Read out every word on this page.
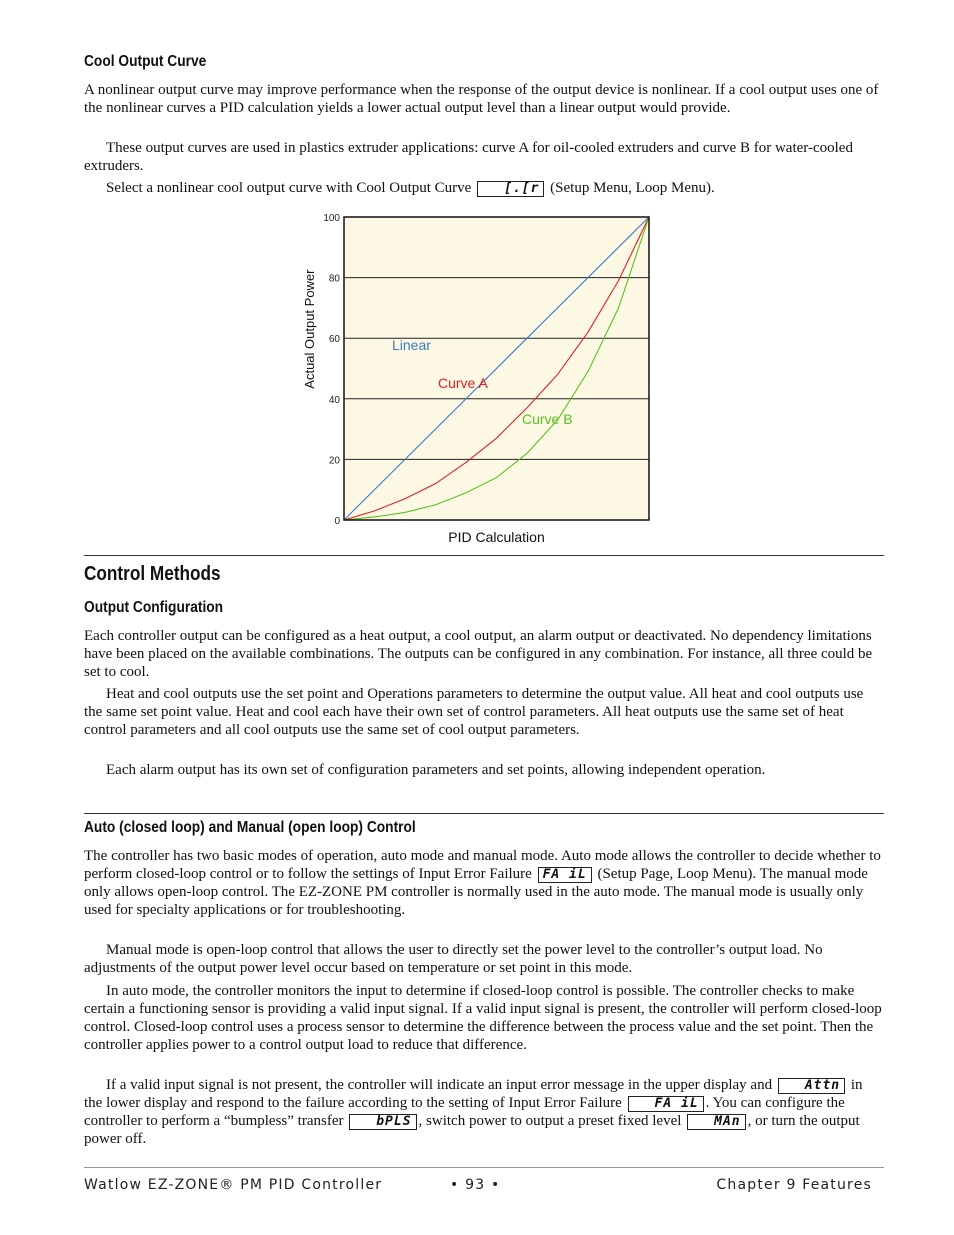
Cool Output Curve

A nonlinear output curve may improve performance when the response of the output device is nonlinear. If a cool output uses one of the nonlinear curves a PID calculation yields a lower actual output level than a linear output would provide.

These output curves are used in plastics extruder applications: curve A for oil-cooled extruders and curve B for water-cooled extruders.

Select a nonlinear cool output curve with Cool Output Curve	[.[r (Setup Menu, Loop Menu).

0
20
40
60
80
100
Linear
Curve A
Curve B
PID Calculation
Actual Output Power
Control Methods
Output Configuration

Each controller output can be configured as a heat output, a cool output, an alarm output or deactivated. No dependency limitations have been placed on the available combinations. The outputs can be configured in any combination. For instance, all three could be set to cool.

Heat and cool outputs use the set point and Operations parameters to determine the output value. All heat and cool outputs use the same set point value. Heat and cool each have their own set of control parameters. All heat outputs use the same set of heat control parameters and all cool outputs use the same set of cool output parameters.

Each alarm output has its own set of configuration parameters and set points, allowing independent operation.

Auto (closed loop) and Manual (open loop) Control

The controller has two basic modes of operation, auto mode and manual mode. Auto mode allows the controller to decide whether to perform closed-loop control or to follow the settings of Input Error Failure FA iL (Setup Page, Loop Menu). The manual mode only allows open-loop control. The EZ-ZONE PM controller is normally used in the auto mode. The manual mode is usually only used for specialty applications or for troubleshooting.

Manual mode is open-loop control that allows the user to directly set the power level to the controller’s output load. No adjustments of the output power level occur based on temperature or set point in this mode.

In auto mode, the controller monitors the input to determine if closed-loop control is possible. The controller checks to make certain a functioning sensor is providing a valid input signal. If a valid input signal is present, the controller will perform closed-loop control. Closed-loop control uses a process sensor to determine the difference between the process value and the set point. Then the controller applies power to a control output load to reduce that difference.

If a valid input signal is not present, the controller will indicate an input error message in the upper display and	Attn in the lower display and respond to the failure according to the setting of Input Error Failure	FA iL . You can configure the controller to perform a “bumpless” transfer	bPLS , switch power to output a preset fixed level	MAn , or turn the output power off.

Watlow EZ-ZONE® PM PID Controller	• 93 •	Chapter 9 Features
